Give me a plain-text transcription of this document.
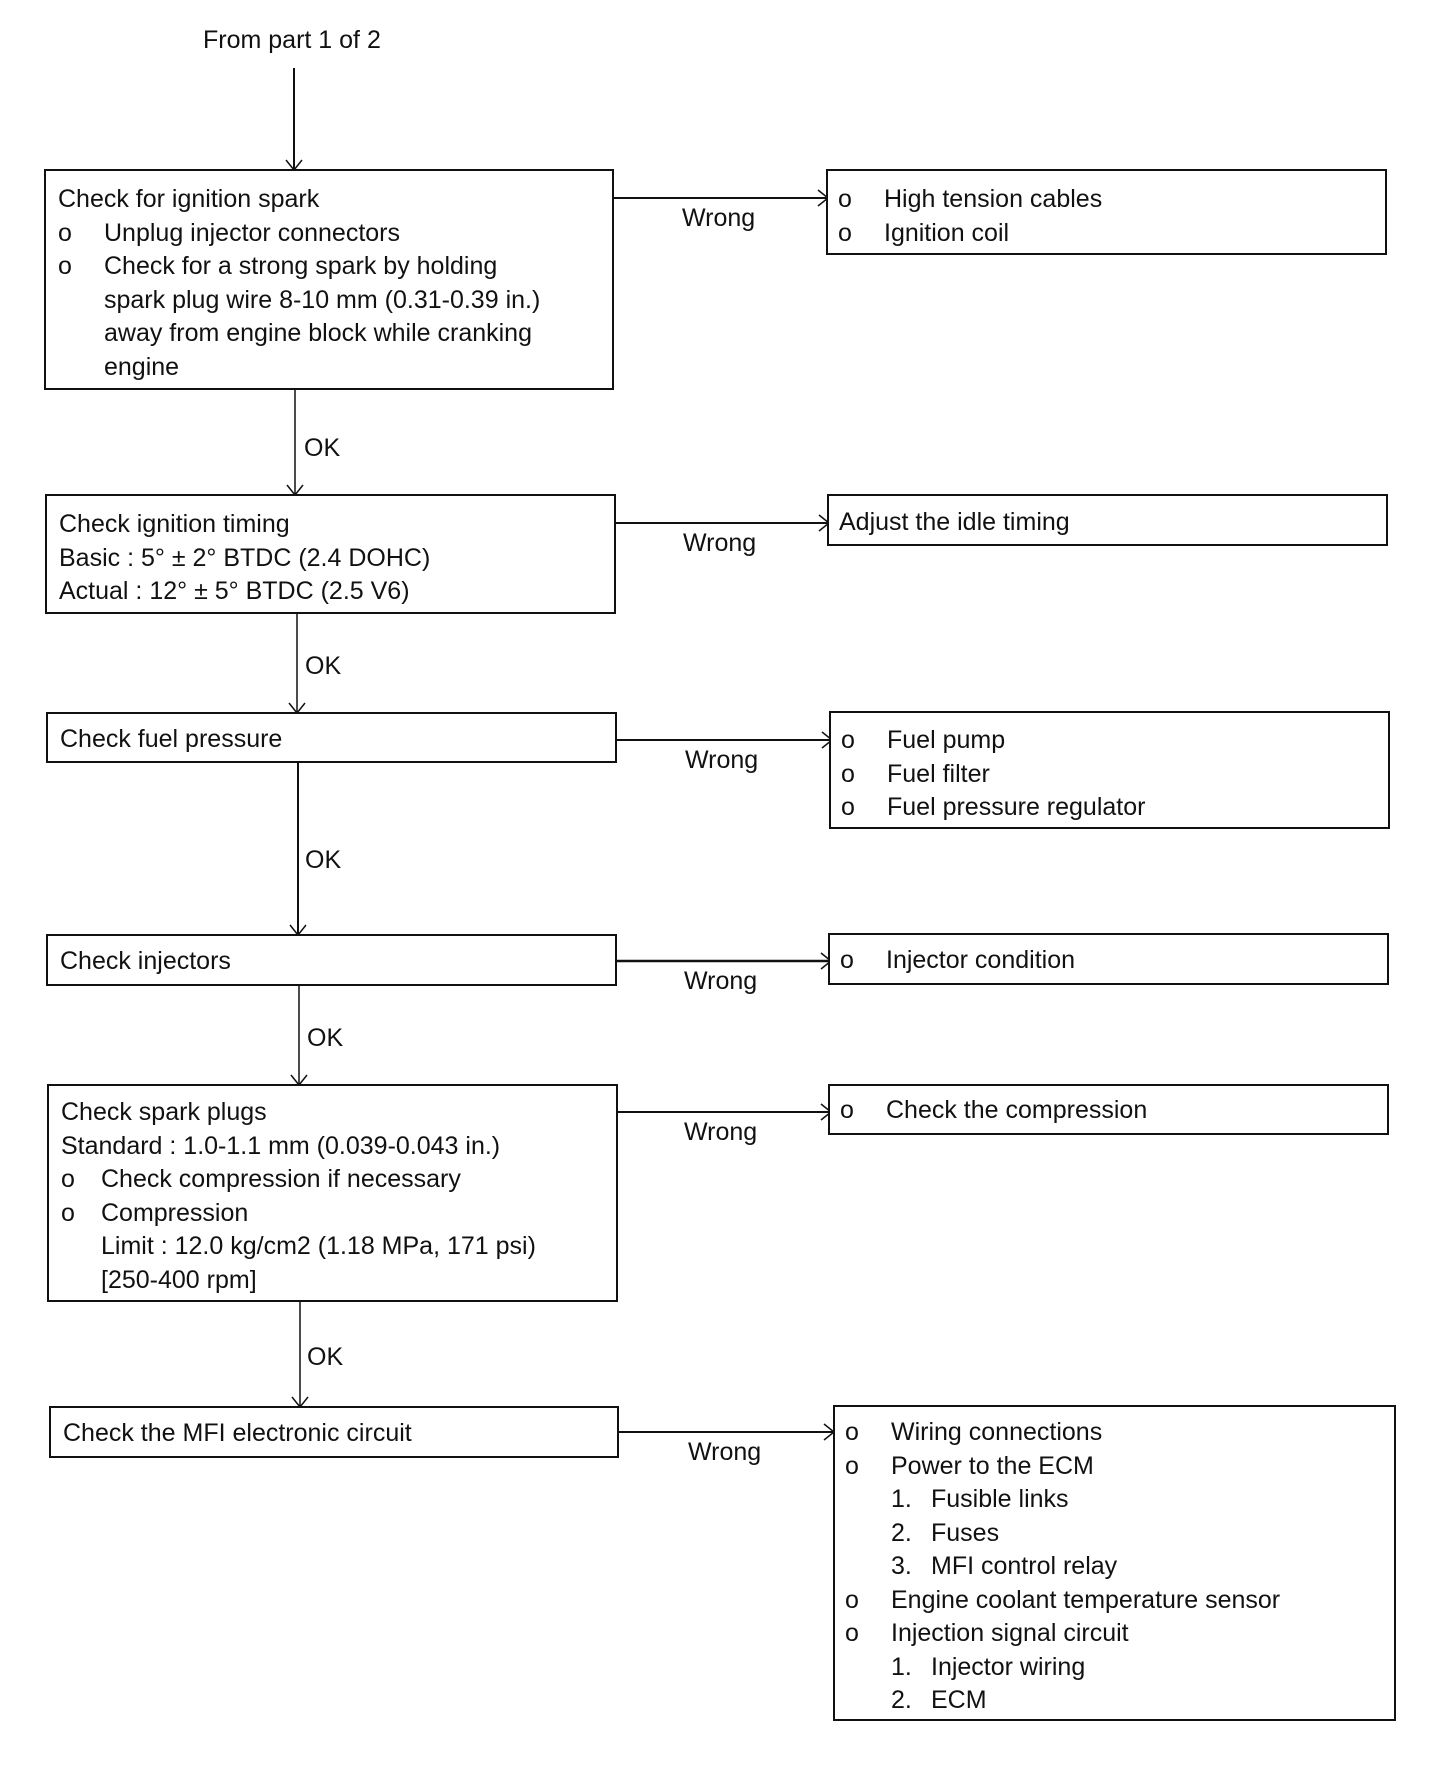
From part 1 of 2
Check for ignition spark
o	Unplug injector connectors
o	Check for a strong spark by holding
spark plug wire 8-10 mm (0.31-0.39 in.)
away from engine block while cranking
engine
Wrong
o	High tension cables
o	Ignition coil
OK
Check ignition timing
Basic : 5° ± 2° BTDC (2.4 DOHC)
Actual : 12° ± 5° BTDC (2.5 V6)
Wrong
Adjust the idle timing
OK
Check fuel pressure
Wrong
o	Fuel pump
o	Fuel filter
o	Fuel pressure regulator
OK
Check injectors
Wrong
o	Injector condition
OK
Check spark plugs
Standard : 1.0-1.1 mm (0.039-0.043 in.)
o	Check compression if necessary
o	Compression
Limit : 12.0 kg/cm2 (1.18 MPa, 171 psi)
[250-400 rpm]
Wrong
o	Check the compression
OK
Check the MFI electronic circuit
Wrong
o	Wiring connections
o	Power to the ECM
1. Fusible links
2. Fuses
3. MFI control relay
o	Engine coolant temperature sensor
o	Injection signal circuit
1. Injector wiring
2. ECM
